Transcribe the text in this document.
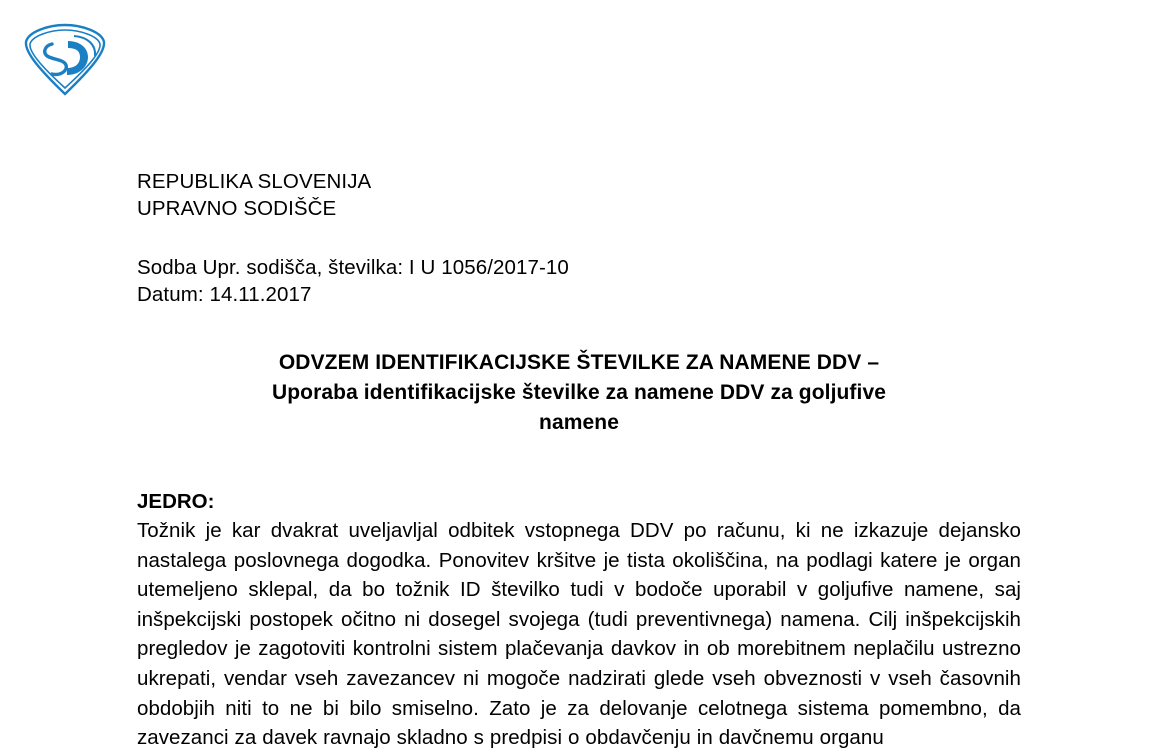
REPUBLIKA SLOVENIJA
UPRAVNO SODIŠČE
Sodba Upr. sodišča, številka: I U 1056/2017-10
Datum: 14.11.2017
ODVZEM IDENTIFIKACIJSKE ŠTEVILKE ZA NAMENE DDV –
Uporaba identifikacijske številke za namene DDV za goljufive
namene
JEDRO:
Tožnik je kar dvakrat uveljavljal odbitek vstopnega DDV po računu, ki ne izkazuje dejansko nastalega poslovnega dogodka. Ponovitev kršitve je tista okoliščina, na podlagi katere je organ utemeljeno sklepal, da bo tožnik ID številko tudi v bodoče uporabil v goljufive namene, saj inšpekcijski postopek očitno ni dosegel svojega (tudi preventivnega) namena. Cilj inšpekcijskih pregledov je zagotoviti kontrolni sistem plačevanja davkov in ob morebitnem neplačilu ustrezno ukrepati, vendar vseh zavezancev ni mogoče nadzirati glede vseh obveznosti v vseh časovnih obdobjih niti to ne bi bilo smiselno. Zato je za delovanje celotnega sistema pomembno, da zavezanci za davek ravnajo skladno s predpisi o obdavčenju in davčnemu organu
